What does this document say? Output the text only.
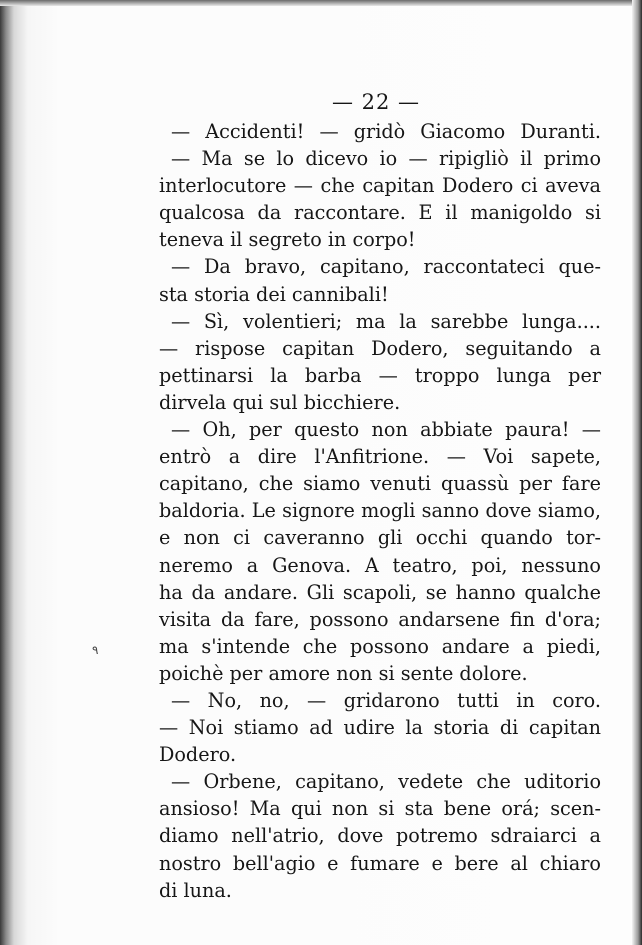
— 22 —
— Accidenti! — gridò Giacomo Duranti.
— Ma se lo dicevo io — ripigliò il primo
interlocutore — che capitan Dodero ci aveva
qualcosa da raccontare. E il manigoldo si
teneva il segreto in corpo!
— Da bravo, capitano, raccontateci que-
sta storia dei cannibali!
— Sì, volentieri; ma la sarebbe lunga....
— rispose capitan Dodero, seguitando a
pettinarsi la barba — troppo lunga per
dirvela qui sul bicchiere.
— Oh, per questo non abbiate paura! —
entrò a dire l'Anfitrione. — Voi sapete,
capitano, che siamo venuti quassù per fare
baldoria. Le signore mogli sanno dove siamo,
e non ci caveranno gli occhi quando tor-
neremo a Genova. A teatro, poi, nessuno
ha da andare. Gli scapoli, se hanno qualche
visita da fare, possono andarsene fin d'ora;
ma s'intende che possono andare a piedi,
poichè per amore non si sente dolore.
— No, no, — gridarono tutti in coro.
— Noi stiamo ad udire la storia di capitan
Dodero.
— Orbene, capitano, vedete che uditorio
ansioso! Ma qui non si sta bene orá; scen-
diamo nell'atrio, dove potremo sdraiarci a
nostro bell'agio e fumare e bere al chiaro
di luna.
٩
